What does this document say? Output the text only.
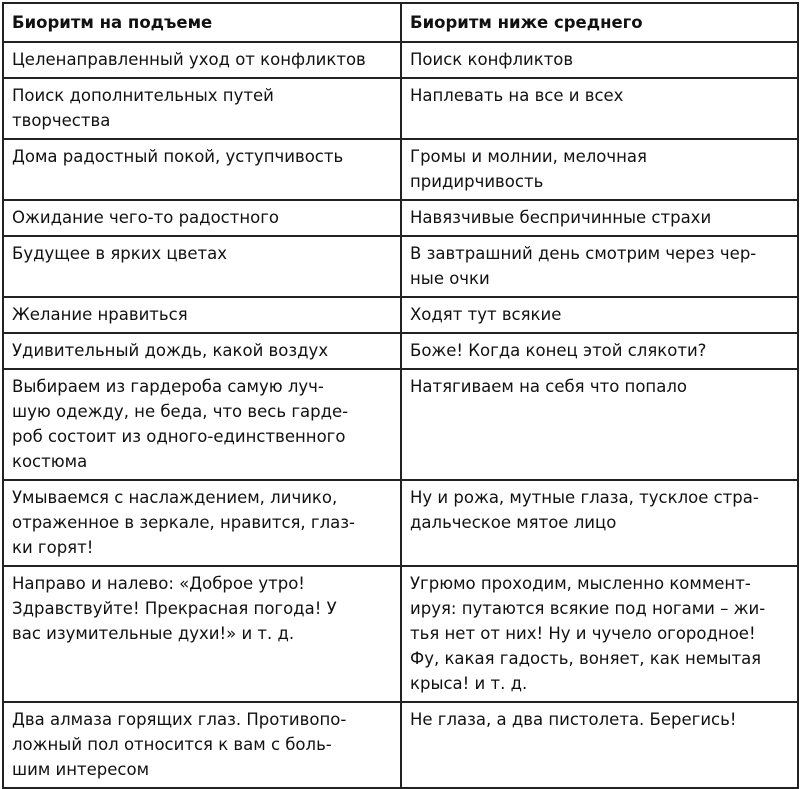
Биоритм на подъеме	Биоритм ниже среднего

Целенаправленный уход от конфликтов	Поиск конфликтов

Поиск дополнительных путей
творчества	Наплевать на все и всех

Дома радостный покой, уступчивость	Громы и молнии, мелочная
придирчивость

Ожидание чего-то радостного	Навязчивые беспричинные страхи

Будущее в ярких цветах	В завтрашний день смотрим через чер-
ные очки

Желание нравиться	Ходят тут всякие

Удивительный дождь, какой воздух	Боже! Когда конец этой слякоти?

Выбираем из гардероба самую луч-
шую одежду, не беда, что весь гарде-
роб состоит из одного-единственного
костюма	Натягиваем на себя что попало

Умываемся с наслаждением, личико,
отраженное в зеркале, нравится, глаз-
ки горят!	Ну и рожа, мутные глаза, тусклое стра-
дальческое мятое лицо

Направо и налево: «Доброе утро!
Здравствуйте! Прекрасная погода! У
вас изумительные духи!» и т. д.	Угрюмо проходим, мысленно коммент-
ируя: путаются всякие под ногами – жи-
тья нет от них! Ну и чучело огородное!
Фу, какая гадость, воняет, как немытая
крыса! и т. д.

Два алмаза горящих глаз. Противопо-
ложный пол относится к вам с боль-
шим интересом	Не глаза, а два пистолета. Берегись!
